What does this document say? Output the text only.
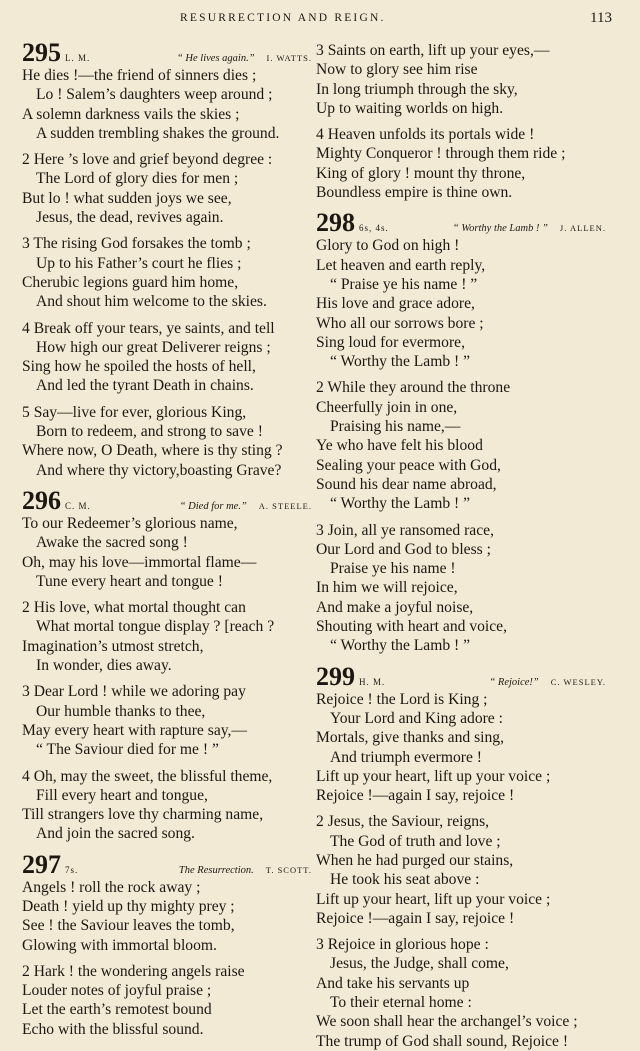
RESURRECTION AND REIGN.	113
295 L. M.	“ He lives again.” I. WATTS.
He dies !—the friend of sinners dies ;
Lo ! Salem’s daughters weep around ;
A solemn darkness vails the skies ;
A sudden trembling shakes the ground.
2 Here ’s love and grief beyond degree :
The Lord of glory dies for men ;
But lo ! what sudden joys we see,
Jesus, the dead, revives again.
3 The rising God forsakes the tomb ;
Up to his Father’s court he flies ;
Cherubic legions guard him home,
And shout him welcome to the skies.
4 Break off your tears, ye saints, and tell
How high our great Deliverer reigns ;
Sing how he spoiled the hosts of hell,
And led the tyrant Death in chains.
5 Say—live for ever, glorious King,
Born to redeem, and strong to save !
Where now, O Death, where is thy sting ?
And where thy victory,boasting Grave?
296 C. M.	“ Died for me.” A. STEELE.
To our Redeemer’s glorious name,
Awake the sacred song !
Oh, may his love—immortal flame—
Tune every heart and tongue !
2 His love, what mortal thought can
What mortal tongue display ? [reach ?
Imagination’s utmost stretch,
In wonder, dies away.
3 Dear Lord ! while we adoring pay
Our humble thanks to thee,
May every heart with rapture say,—
“ The Saviour died for me ! ”
4 Oh, may the sweet, the blissful theme,
Fill every heart and tongue,
Till strangers love thy charming name,
And join the sacred song.
297 7s.	The Resurrection. T. SCOTT.
Angels ! roll the rock away ;
Death ! yield up thy mighty prey ;
See ! the Saviour leaves the tomb,
Glowing with immortal bloom.
2 Hark ! the wondering angels raise
Louder notes of joyful praise ;
Let the earth’s remotest bound
Echo with the blissful sound.
3 Saints on earth, lift up your eyes,—
Now to glory see him rise
In long triumph through the sky,
Up to waiting worlds on high.
4 Heaven unfolds its portals wide !
Mighty Conqueror ! through them ride ;
King of glory ! mount thy throne,
Boundless empire is thine own.
298 6s, 4s.	“ Worthy the Lamb ! ” J. ALLEN.
Glory to God on high !
Let heaven and earth reply,
“ Praise ye his name ! ”
His love and grace adore,
Who all our sorrows bore ;
Sing loud for evermore,
“ Worthy the Lamb ! ”
2 While they around the throne
Cheerfully join in one,
Praising his name,—
Ye who have felt his blood
Sealing your peace with God,
Sound his dear name abroad,
“ Worthy the Lamb ! ”
3 Join, all ye ransomed race,
Our Lord and God to bless ;
Praise ye his name !
In him we will rejoice,
And make a joyful noise,
Shouting with heart and voice,
“ Worthy the Lamb ! ”
299 H. M.	“ Rejoice!” C. WESLEY.
Rejoice ! the Lord is King ;
Your Lord and King adore :
Mortals, give thanks and sing,
And triumph evermore !
Lift up your heart, lift up your voice ;
Rejoice !—again I say, rejoice !
2 Jesus, the Saviour, reigns,
The God of truth and love ;
When he had purged our stains,
He took his seat above :
Lift up your heart, lift up your voice ;
Rejoice !—again I say, rejoice !
3 Rejoice in glorious hope :
Jesus, the Judge, shall come,
And take his servants up
To their eternal home :
We soon shall hear the archangel’s voice ;
The trump of God shall sound, Rejoice !
